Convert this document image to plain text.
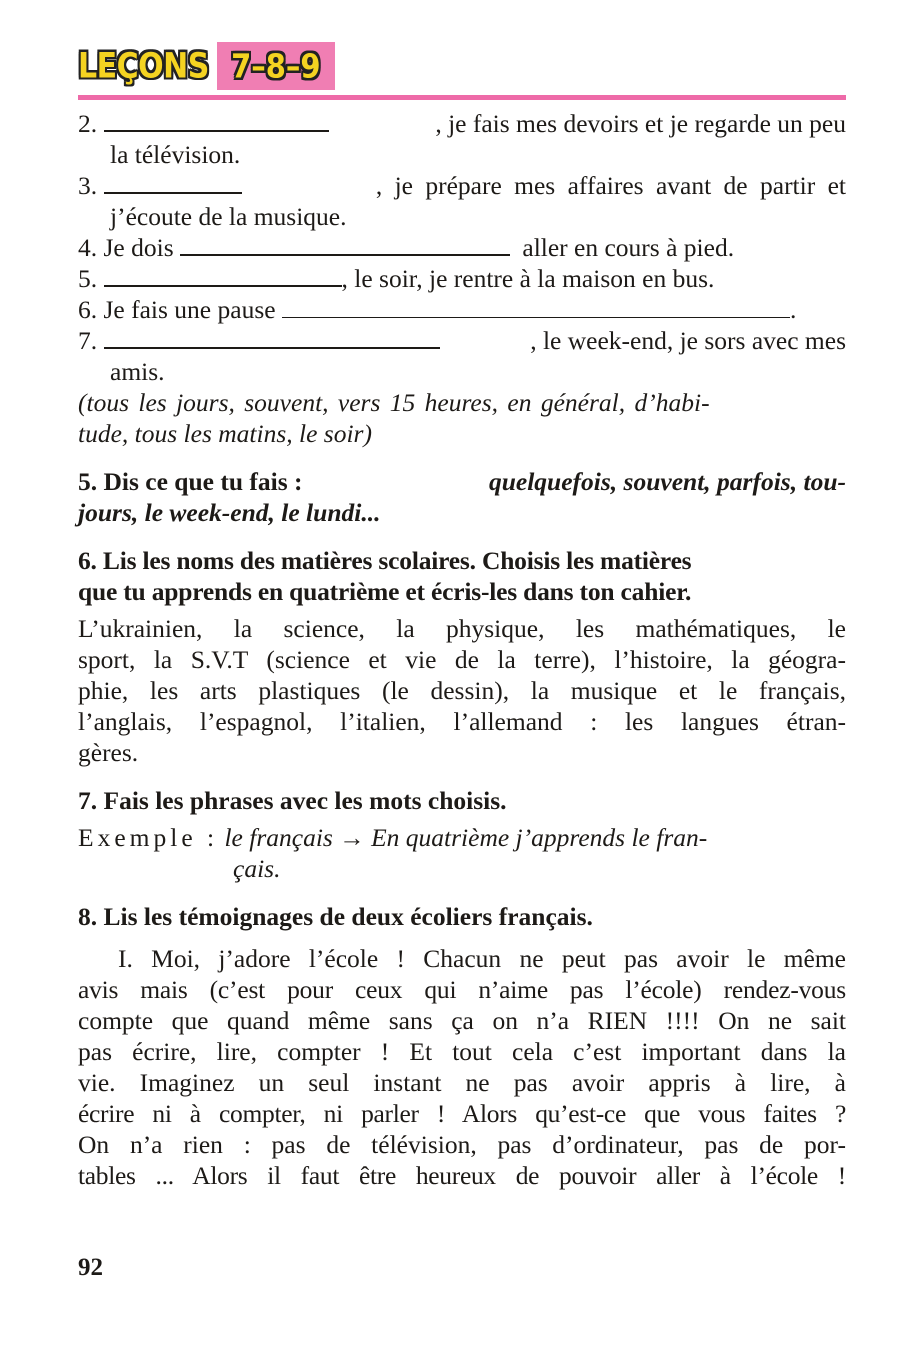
LEÇONS 7–8–9
2.	, je fais mes devoirs et je regarde un peu
la télévision.
3.	, je prépare mes affaires avant de partir et
j’écoute de la musique.
4. Je dois	aller en cours à pied.
5.	, le soir, je rentre à la maison en bus.
6. Je fais une pause	.
7.	, le week-end, je sors avec mes
amis.
(tous les jours, souvent, vers 15 heures, en général, d’habi-
tude, tous les matins, le soir)
5. Dis ce que tu fais :	quelquefois, souvent, parfois, tou-
jours, le week-end, le lundi...
6. Lis les noms des matières scolaires. Choisis les matières
que tu apprends en quatrième et écris-les dans ton cahier.
L’ukrainien, la science, la physique, les mathématiques, le
sport, la S.V.T (science et vie de la terre), l’histoire, la géogra-
phie, les arts plastiques (le dessin), la musique et le français,
l’anglais, l’espagnol, l’italien, l’allemand : les langues étran-
gères.
7. Fais les phrases avec les mots choisis.
Exemple : le français → En quatrième j’apprends le fran-
çais.
8. Lis les témoignages de deux écoliers français.
I. Moi, j’adore l’école ! Chacun ne peut pas avoir le même
avis mais (c’est pour ceux qui n’aime pas l’école) rendez-vous
compte que quand même sans ça on n’a RIEN !!!! On ne sait
pas écrire, lire, compter ! Et tout cela c’est important dans la
vie. Imaginez un seul instant ne pas avoir appris à lire, à
écrire ni à compter, ni parler ! Alors qu’est-ce que vous faites ?
On n’a rien : pas de télévision, pas d’ordinateur, pas de por-
tables ... Alors il faut être heureux de pouvoir aller à l’école !
92
